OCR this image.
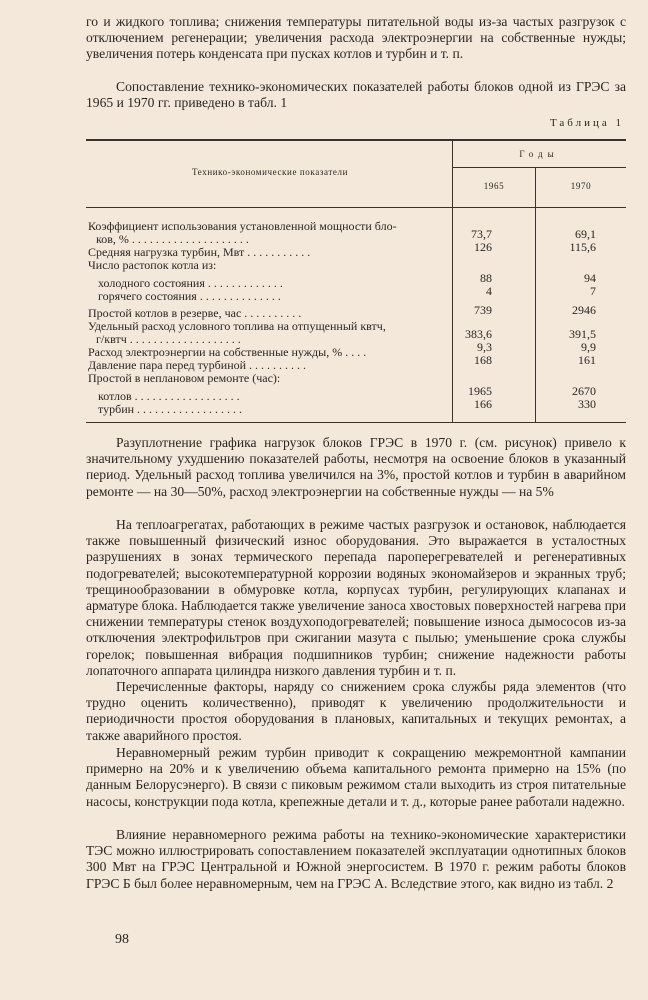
го и жидкого топлива; снижения температуры питательной воды из-за частых разгрузок с отключением регенерации; увеличения расхода электроэнергии на собственные нужды; увеличения потерь конденсата при пусках котлов и турбин и т. п.

Сопоставление технико-экономических показателей работы блоков одной из ГРЭС за 1965 и 1970 гг. приведено в табл. 1

Таблица 1

Технико-экономические показатели

Годы

1965	1970

Коэффициент использования установленной мощности бло-

ков, % . . . . . . . . . . . . . . . . . . . .

Средняя нагрузка турбин, Мвт . . . . . . . . . . .

Число растопок котла из:

холодного состояния . . . . . . . . . . . . .

горячего состояния . . . . . . . . . . . . . .

Простой котлов в резерве, час . . . . . . . . . .

Удельный расход условного топлива на отпущенный квтч,

г/квтч . . . . . . . . . . . . . . . . . . .

Расход электроэнергии на собственные нужды, % . . . .

Давление пара перед турбиной . . . . . . . . . .

Простой в неплановом ремонте (час):

котлов . . . . . . . . . . . . . . . . . .

турбин . . . . . . . . . . . . . . . . . .

73,7

126

88

4

739

383,6

9,3

168

1965

166

69,1

115,6

94

7

2946

391,5

9,9

161

2670

330

Разуплотнение графика нагрузок блоков ГРЭС в 1970 г. (см. рисунок) привело к значительному ухудшению показателей работы, несмотря на освоение блоков в указанный период. Удельный расход топлива увеличился на 3%, простой котлов и турбин в аварийном ремонте — на 30—50%, расход электроэнергии на собственные нужды — на 5%

На теплоагрегатах, работающих в режиме частых разгрузок и остановок, наблюдается также повышенный физический износ оборудования. Это выражается в усталостных разрушениях в зонах термического перепада пароперегревателей и регенеративных подогревателей; высокотемпературной коррозии водяных экономайзеров и экранных труб; трещинообразовании в обмуровке котла, корпусах турбин, регулирующих клапанах и арматуре блока. Наблюдается также увеличение заноса хвостовых поверхностей нагрева при снижении температуры стенок воздухоподогревателей; повышение износа дымососов из-за отключения электрофильтров при сжигании мазута с пылью; уменьшение срока службы горелок; повышенная вибрация подшипников турбин; снижение надежности работы лопаточного аппарата цилиндра низкого давления турбин и т. п.

Перечисленные факторы, наряду со снижением срока службы ряда элементов (что трудно оценить количественно), приводят к увеличению продолжительности и периодичности простоя оборудования в плановых, капитальных и текущих ремонтах, а также аварийного простоя.

Неравномерный режим турбин приводит к сокращению межремонтной кампании примерно на 20% и к увеличению объема капитального ремонта примерно на 15% (по данным Белорусэнерго). В связи с пиковым режимом стали выходить из строя питательные насосы, конструкции пода котла, крепежные детали и т. д., которые ранее работали надежно.

Влияние неравномерного режима работы на технико-экономические характеристики ТЭС можно иллюстрировать сопоставлением показателей эксплуатации однотипных блоков 300 Мвт на ГРЭС Центральной и Южной энергосистем. В 1970 г. режим работы блоков ГРЭС Б был более неравномерным, чем на ГРЭС А. Вследствие этого, как видно из табл. 2

98
